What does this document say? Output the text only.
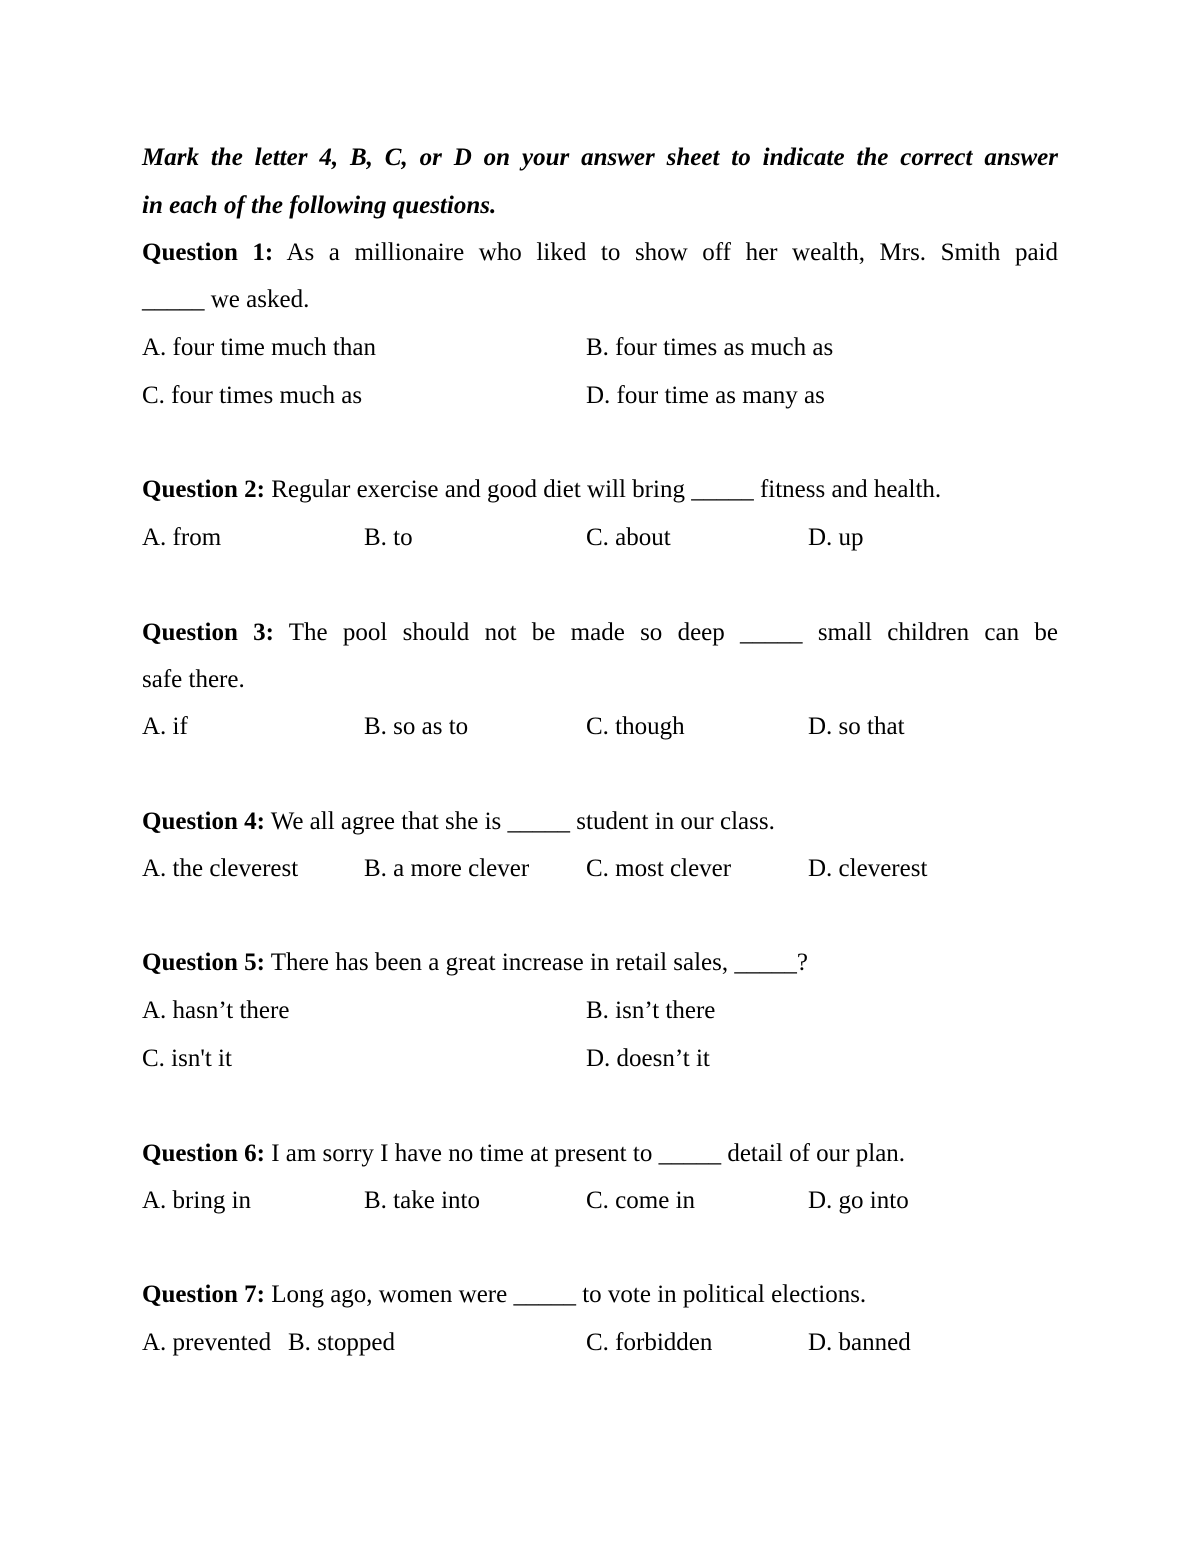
Mark the letter 4, B, C, or D on your answer sheet to indicate the correct answer
in each of the following questions.
Question 1: As a millionaire who liked to show off her wealth, Mrs. Smith paid
_____ we asked.
A. four time much than	B. four times as much as
C. four times much as	D. four time as many as
Question 2: Regular exercise and good diet will bring _____ fitness and health.
A. from	B. to	C. about	D. up
Question 3: The pool should not be made so deep _____ small children can be
safe there.
A. if	B. so as to	C. though	D. so that
Question 4: We all agree that she is _____ student in our class.
A. the cleverest	B. a more clever C. most clever	D. cleverest
Question 5: There has been a great increase in retail sales, _____?
A. hasn’t there	B. isn’t there
C. isn't it	D. doesn’t it
Question 6: I am sorry I have no time at present to _____ detail of our plan.
A. bring in	B. take into	C. come in	D. go into
Question 7: Long ago, women were _____ to vote in political elections.
A. prevented B. stopped	C. forbidden	D. banned
